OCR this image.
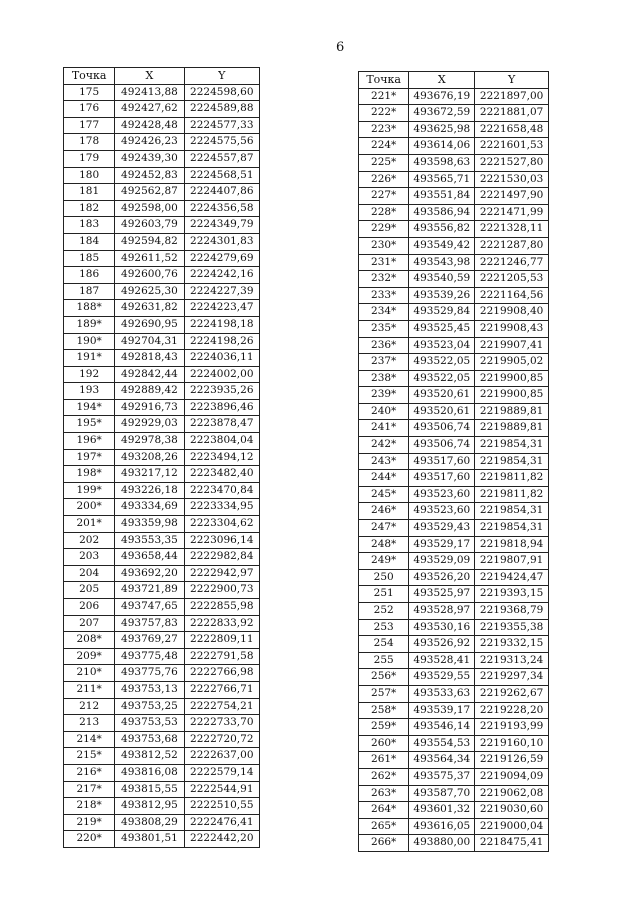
6
Точка	X	Y
175	492413,88	2224598,60
176	492427,62	2224589,88
177	492428,48	2224577,33
178	492426,23	2224575,56
179	492439,30	2224557,87
180	492452,83	2224568,51
181	492562,87	2224407,86
182	492598,00	2224356,58
183	492603,79	2224349,79
184	492594,82	2224301,83
185	492611,52	2224279,69
186	492600,76	2224242,16
187	492625,30	2224227,39
188*	492631,82	2224223,47
189*	492690,95	2224198,18
190*	492704,31	2224198,26
191*	492818,43	2224036,11
192	492842,44	2224002,00
193	492889,42	2223935,26
194*	492916,73	2223896,46
195*	492929,03	2223878,47
196*	492978,38	2223804,04
197*	493208,26	2223494,12
198*	493217,12	2223482,40
199*	493226,18	2223470,84
200*	493334,69	2223334,95
201*	493359,98	2223304,62
202	493553,35	2223096,14
203	493658,44	2222982,84
204	493692,20	2222942,97
205	493721,89	2222900,73
206	493747,65	2222855,98
207	493757,83	2222833,92
208*	493769,27	2222809,11
209*	493775,48	2222791,58
210*	493775,76	2222766,98
211*	493753,13	2222766,71
212	493753,25	2222754,21
213	493753,53	2222733,70
214*	493753,68	2222720,72
215*	493812,52	2222637,00
216*	493816,08	2222579,14
217*	493815,55	2222544,91
218*	493812,95	2222510,55
219*	493808,29	2222476,41
220*	493801,51	2222442,20
Точка	X	Y
221*	493676,19	2221897,00
222*	493672,59	2221881,07
223*	493625,98	2221658,48
224*	493614,06	2221601,53
225*	493598,63	2221527,80
226*	493565,71	2221530,03
227*	493551,84	2221497,90
228*	493586,94	2221471,99
229*	493556,82	2221328,11
230*	493549,42	2221287,80
231*	493543,98	2221246,77
232*	493540,59	2221205,53
233*	493539,26	2221164,56
234*	493529,84	2219908,40
235*	493525,45	2219908,43
236*	493523,04	2219907,41
237*	493522,05	2219905,02
238*	493522,05	2219900,85
239*	493520,61	2219900,85
240*	493520,61	2219889,81
241*	493506,74	2219889,81
242*	493506,74	2219854,31
243*	493517,60	2219854,31
244*	493517,60	2219811,82
245*	493523,60	2219811,82
246*	493523,60	2219854,31
247*	493529,43	2219854,31
248*	493529,17	2219818,94
249*	493529,09	2219807,91
250	493526,20	2219424,47
251	493525,97	2219393,15
252	493528,97	2219368,79
253	493530,16	2219355,38
254	493526,92	2219332,15
255	493528,41	2219313,24
256*	493529,55	2219297,34
257*	493533,63	2219262,67
258*	493539,17	2219228,20
259*	493546,14	2219193,99
260*	493554,53	2219160,10
261*	493564,34	2219126,59
262*	493575,37	2219094,09
263*	493587,70	2219062,08
264*	493601,32	2219030,60
265*	493616,05	2219000,04
266*	493880,00	2218475,41
